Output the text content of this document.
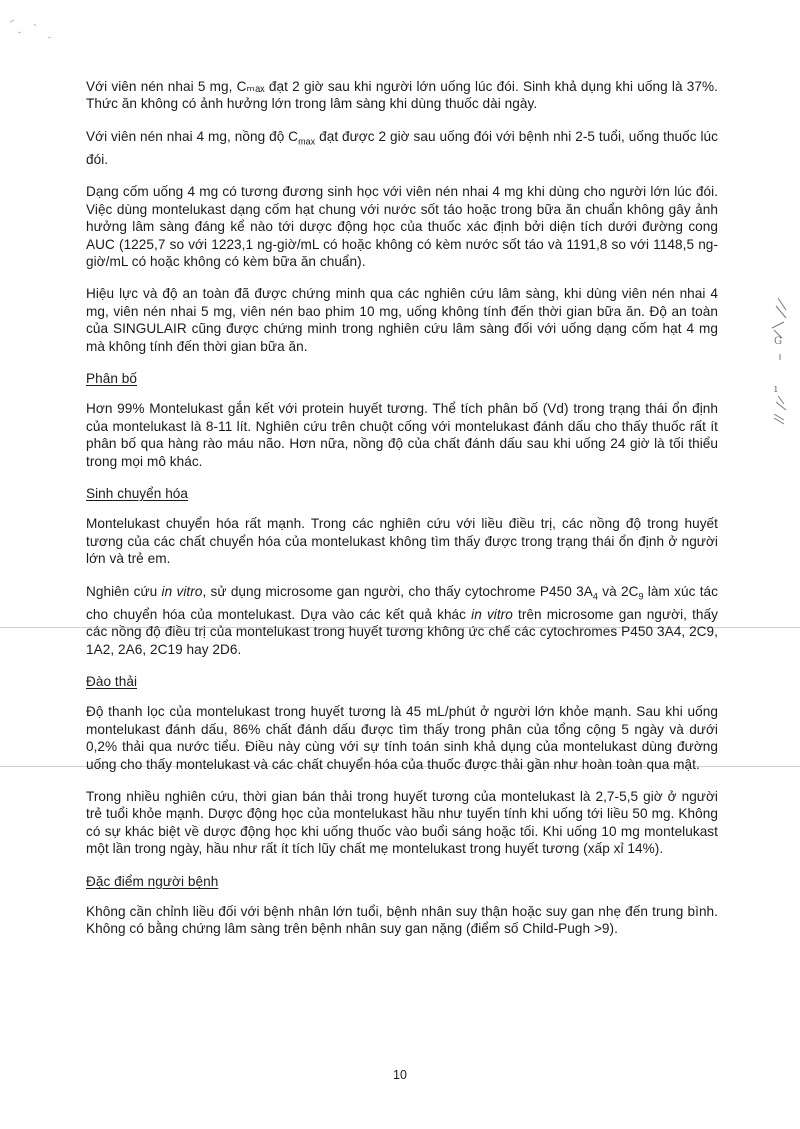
G
ı

Với viên nén nhai 5 mg, Cₘₐₓ đạt 2 giờ sau khi người lớn uống lúc đói. Sinh khả dụng khi uống là 37%. Thức ăn không có ảnh hưởng lớn trong lâm sàng khi dùng thuốc dài ngày.

Với viên nén nhai 4 mg, nồng độ $C_{max}$ đạt được 2 giờ sau uống đói với bệnh nhi 2-5 tuổi, uống thuốc lúc đói.

Dạng cốm uống 4 mg có tương đương sinh học với viên nén nhai 4 mg khi dùng cho người lớn lúc đói. Việc dùng montelukast dạng cốm hạt chung với nước sốt táo hoặc trong bữa ăn chuẩn không gây ảnh hưởng lâm sàng đáng kể nào tới dược động học của thuốc xác định bởi diện tích dưới đường cong AUC (1225,7 so với 1223,1 ng-giờ/mL có hoặc không có kèm nước sốt táo và 1191,8 so với 1148,5 ng-giờ/mL có hoặc không có kèm bữa ăn chuẩn).

Hiệu lực và độ an toàn đã được chứng minh qua các nghiên cứu lâm sàng, khi dùng viên nén nhai 4 mg, viên nén nhai 5 mg, viên nén bao phim 10 mg, uống không tính đến thời gian bữa ăn. Độ an toàn của SINGULAIR cũng được chứng minh trong nghiên cứu lâm sàng đối với uống dạng cốm hạt 4 mg mà không tính đến thời gian bữa ăn.

Phân bố

Hơn 99% Montelukast gắn kết với protein huyết tương. Thể tích phân bố (Vd) trong trạng thái ổn định của montelukast là 8-11 lít. Nghiên cứu trên chuột cống với montelukast đánh dấu cho thấy thuốc rất ít phân bố qua hàng rào máu não. Hơn nữa, nồng độ của chất đánh dấu sau khi uống 24 giờ là tối thiểu trong mọi mô khác.

Sinh chuyển hóa

Montelukast chuyển hóa rất mạnh. Trong các nghiên cứu với liều điều trị, các nồng độ trong huyết tương của các chất chuyển hóa của montelukast không tìm thấy được trong trạng thái ổn định ở người lớn và trẻ em.

Nghiên cứu in vitro, sử dụng microsome gan người, cho thấy cytochrome P450 $3A_4$ và $2C_9$ làm xúc tác cho chuyển hóa của montelukast. Dựa vào các kết quả khác in vitro trên microsome gan người, thấy các nồng độ điều trị của montelukast trong huyết tương không ức chế các cytochromes P450 3A4, 2C9, 1A2, 2A6, 2C19 hay 2D6.

Đào thải

Độ thanh lọc của montelukast trong huyết tương là 45 mL/phút ở người lớn khỏe mạnh. Sau khi uống montelukast đánh dấu, 86% chất đánh dấu được tìm thấy trong phân của tổng cộng 5 ngày và dưới 0,2% thải qua nước tiểu. Điều này cùng với sự tính toán sinh khả dụng của montelukast dùng đường uống cho thấy montelukast và các chất chuyển hóa của thuốc được thải gần như hoàn toàn qua mật.

Trong nhiều nghiên cứu, thời gian bán thải trong huyết tương của montelukast là 2,7-5,5 giờ ở người trẻ tuổi khỏe mạnh. Dược động học của montelukast hầu như tuyến tính khi uống tới liều 50 mg. Không có sự khác biệt về dược động học khi uống thuốc vào buổi sáng hoặc tối. Khi uống 10 mg montelukast một lần trong ngày, hầu như rất ít tích lũy chất mẹ montelukast trong huyết tương (xấp xỉ 14%).

Đặc điểm người bệnh

Không cần chỉnh liều đối với bệnh nhân lớn tuổi, bệnh nhân suy thận hoặc suy gan nhẹ đến trung bình. Không có bằng chứng lâm sàng trên bệnh nhân suy gan nặng (điểm số Child-Pugh >9).

10
